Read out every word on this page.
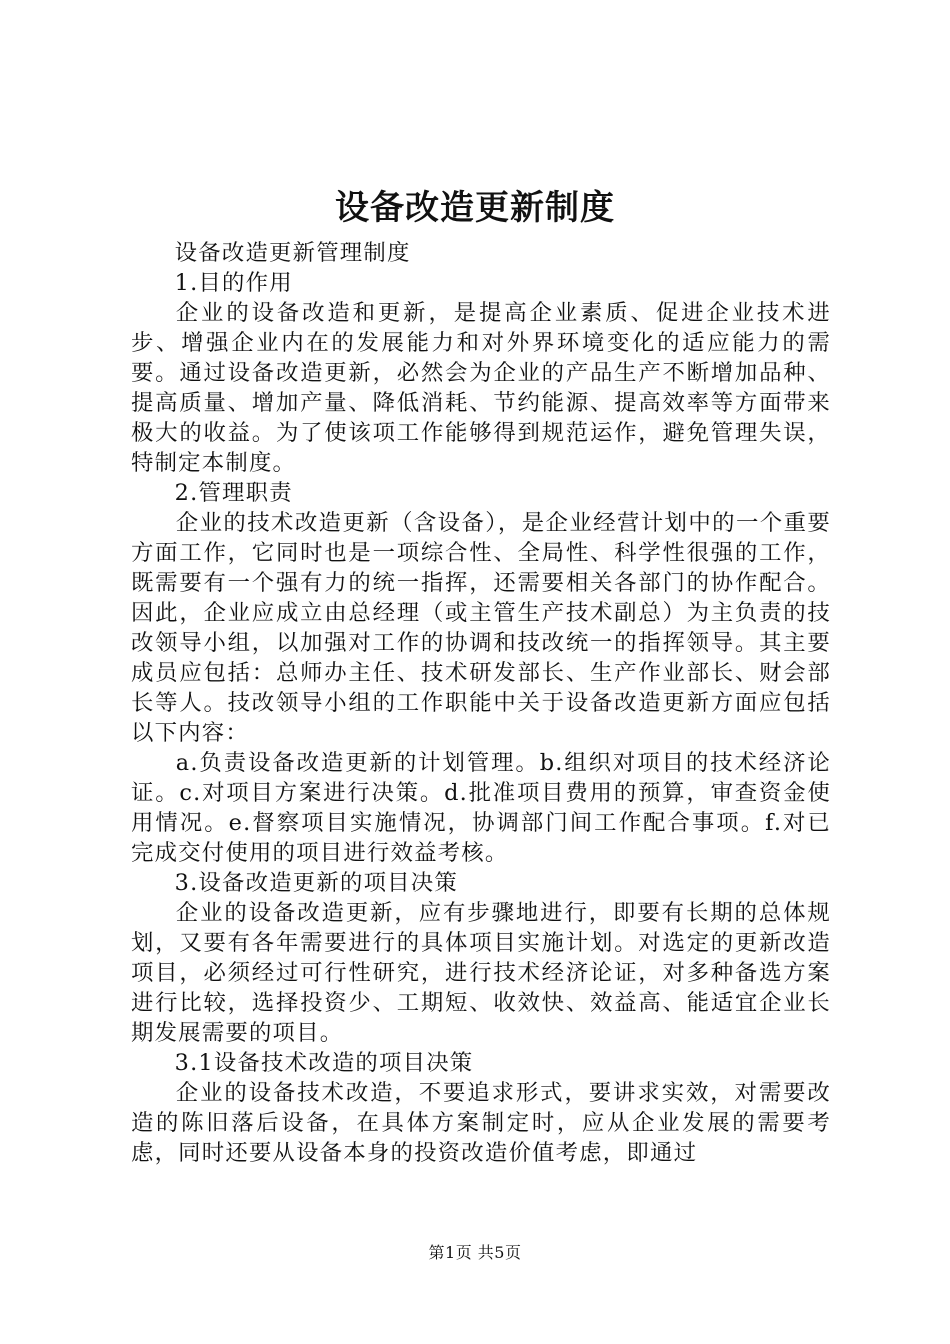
设备改造更新制度

设备改造更新管理制度

1.目的作用

企业的设备改造和更新，是提高企业素质、促进企业技术进步、增强企业内在的发展能力和对外界环境变化的适应能力的需要。通过设备改造更新，必然会为企业的产品生产不断增加品种、提高质量、增加产量、降低消耗、节约能源、提高效率等方面带来极大的收益。为了使该项工作能够得到规范运作，避免管理失误，特制定本制度。

2.管理职责

企业的技术改造更新（含设备），是企业经营计划中的一个重要方面工作，它同时也是一项综合性、全局性、科学性很强的工作，既需要有一个强有力的统一指挥，还需要相关各部门的协作配合。因此，企业应成立由总经理（或主管生产技术副总）为主负责的技改领导小组，以加强对工作的协调和技改统一的指挥领导。其主要成员应包括：总师办主任、技术研发部长、生产作业部长、财会部长等人。技改领导小组的工作职能中关于设备改造更新方面应包括以下内容：

a.负责设备改造更新的计划管理。b.组织对项目的技术经济论证。c.对项目方案进行决策。d.批准项目费用的预算，审查资金使用情况。e.督察项目实施情况，协调部门间工作配合事项。f.对已完成交付使用的项目进行效益考核。

3.设备改造更新的项目决策

企业的设备改造更新，应有步骤地进行，即要有长期的总体规划，又要有各年需要进行的具体项目实施计划。对选定的更新改造项目，必须经过可行性研究，进行技术经济论证，对多种备选方案进行比较，选择投资少、工期短、收效快、效益高、能适宜企业长期发展需要的项目。

3.1设备技术改造的项目决策

企业的设备技术改造，不要追求形式，要讲求实效，对需要改造的陈旧落后设备，在具体方案制定时，应从企业发展的需要考虑，同时还要从设备本身的投资改造价值考虑，即通过

第1页 共5页
